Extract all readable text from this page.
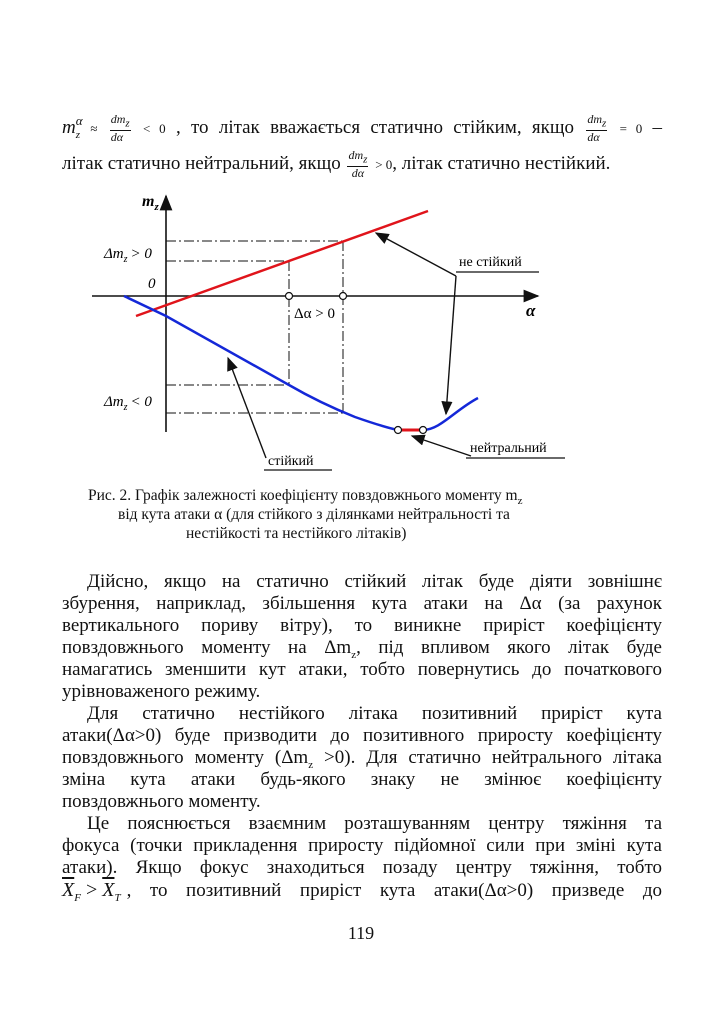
m α
$_z \approx \frac{dm_z}{d\alpha} < 0$ , то літак вважається статично стійким, якщо $\frac{dm_z}{d\alpha} = 0$ –
літак статично нейтральний, якщо $\frac{dm_z}{d\alpha} > 0$, літак статично нестійкий.
$m_z$
α
$\Delta m_z > 0$
0
$\Delta m_z < 0$
Δα > 0
не стійкий
нейтральний
стійкий
Рис. 2. Графік залежності коефіцієнту повздовжнього моменту $m_z$
від кута атаки α (для стійкого з ділянками нейтральності та
нестійкості та нестійкого літаків)
Дійсно, якщо на статично стійкий літак буде діяти зовнішнє
збурення, наприклад, збільшення кута атаки на Δα (за рахунок
вертикального пориву вітру), то виникне приріст коефіцієнту
повздовжнього моменту на $\Delta m_z$, під впливом якого літак буде
намагатись зменшити кут атаки, тобто повернутись до початкового
урівноваженого режиму.
Для статично нестійкого літака позитивний приріст кута
атаки(Δα>0) буде призводити до позитивного приросту коефіцієнту
повздовжнього моменту $(\Delta m_z >0)$. Для статично нейтрального літака
зміна кута атаки будь-якого знаку не змінює коефіцієнту
повздовжнього моменту.
Це пояснюється взаємним розташуванням центру тяжіння та
фокуса (точки прикладення приросту підйомної сили при зміні кута
атаки). Якщо фокус знаходиться позаду центру тяжіння, тобто
$\overline{X}_F > \overline{X}_T$ , то позитивний приріст кута атаки(Δα>0) призведе до
119
